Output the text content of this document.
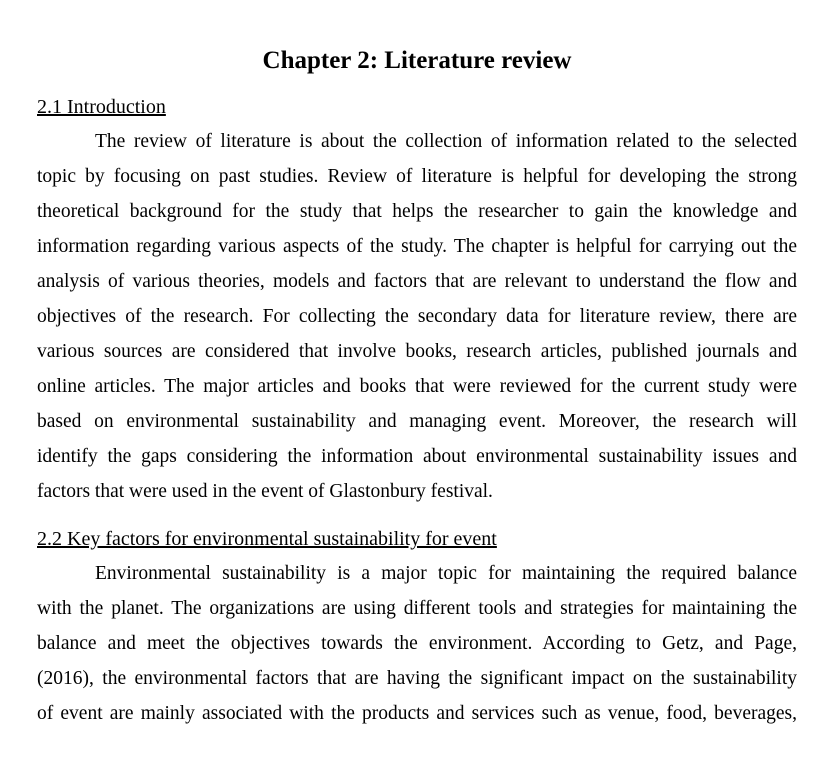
Chapter 2: Literature review
2.1 Introduction
The review of literature is about the collection of information related to the selected
topic by focusing on past studies. Review of literature is helpful for developing the strong
theoretical background for the study that helps the researcher to gain the knowledge and
information regarding various aspects of the study. The chapter is helpful for carrying out the
analysis of various theories, models and factors that are relevant to understand the flow and
objectives of the research. For collecting the secondary data for literature review, there are
various sources are considered that involve books, research articles, published journals and
online articles. The major articles and books that were reviewed for the current study were
based on environmental sustainability and managing event. Moreover, the research will
identify the gaps considering the information about environmental sustainability issues and
factors that were used in the event of Glastonbury festival.
2.2 Key factors for environmental sustainability for event
Environmental sustainability is a major topic for maintaining the required balance
with the planet. The organizations are using different tools and strategies for maintaining the
balance and meet the objectives towards the environment. According to Getz, and Page,
(2016), the environmental factors that are having the significant impact on the sustainability
of event are mainly associated with the products and services such as venue, food, beverages,
